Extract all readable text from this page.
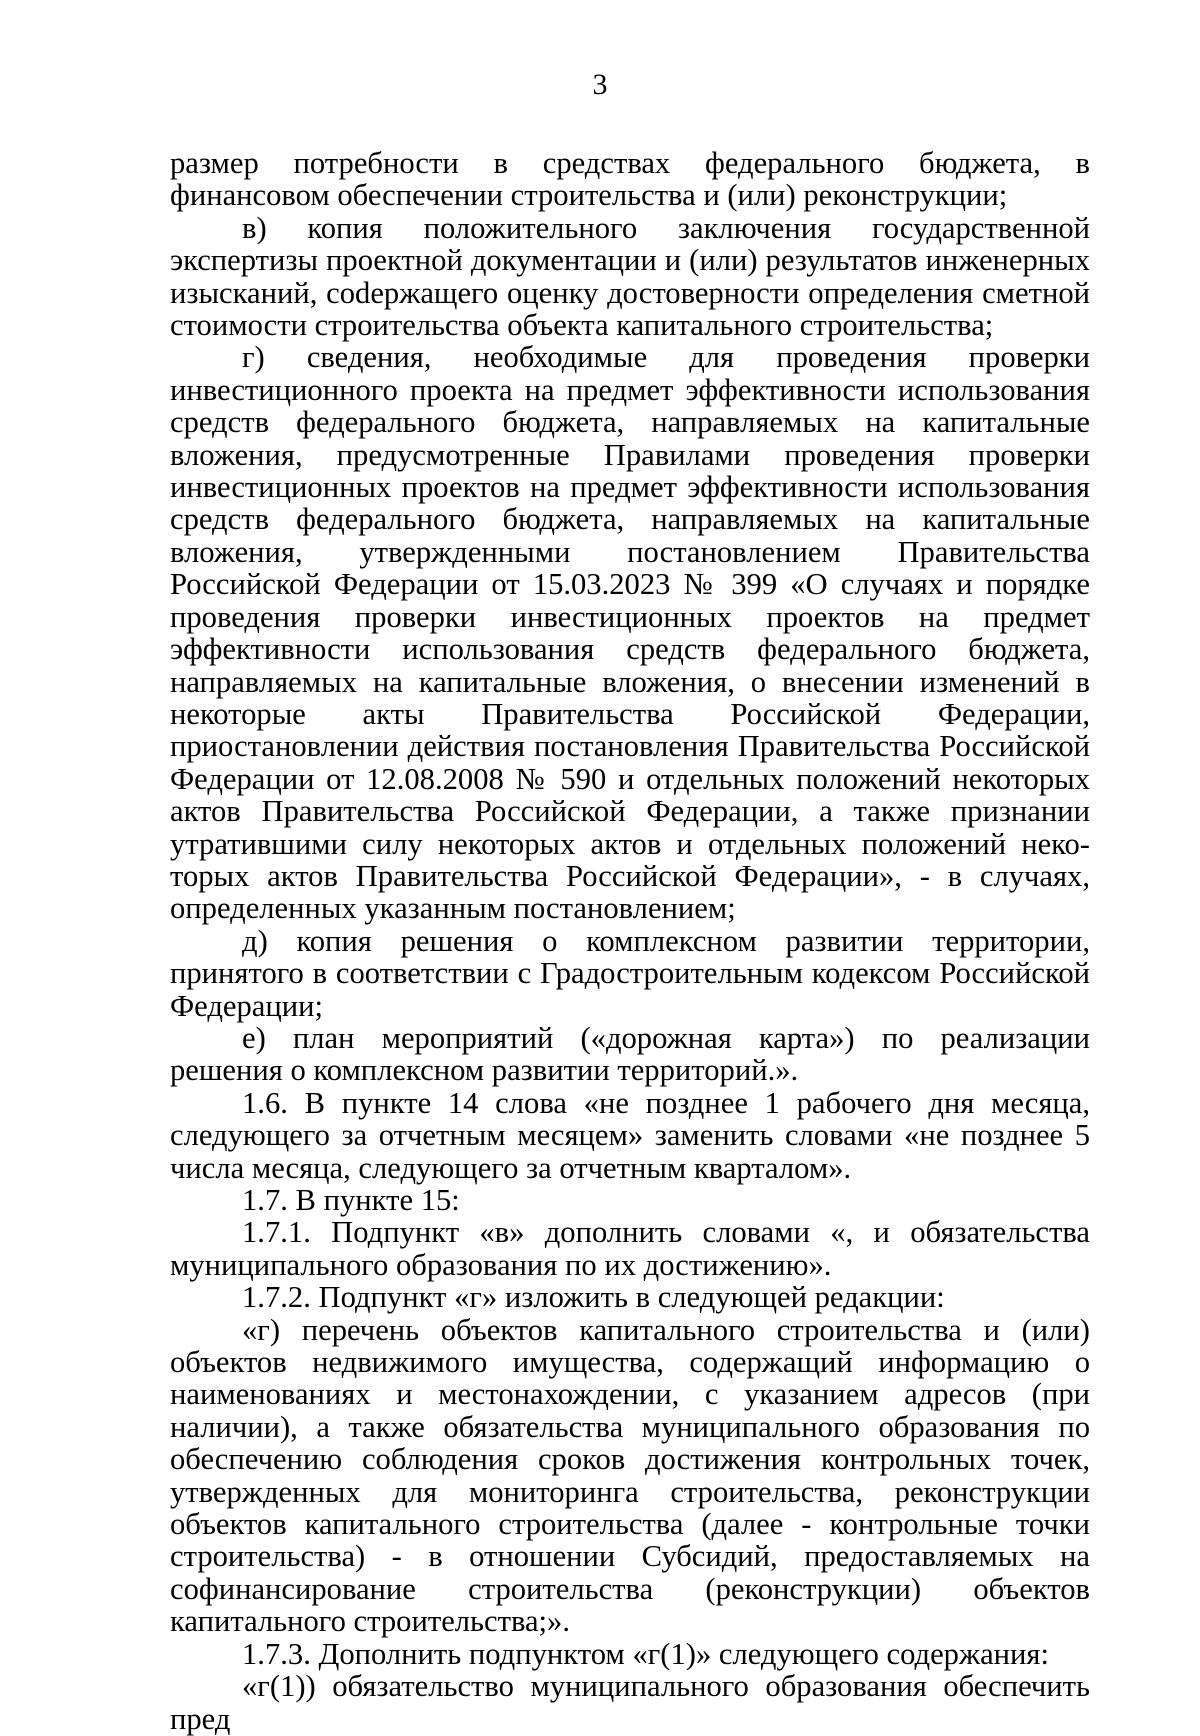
3

размер потребности в средствах федерального бюджета, в финансовом обеспечении строительства и (или) реконструкции;

в) копия положительного заключения государственной экспертизы проектной документации и (или) результатов инженерных изысканий, соdержащего оценку достоверности определения сметной стоимости строительства объекта капитального строительства;

г) сведения, необходимые для проведения проверки инвестиционного проекта на предмет эффективности использования средств федерального бюджета, направляемых на капитальные вложения, предусмотренные Правилами проведения проверки инвестиционных проектов на предмет эффективности использования средств федерального бюджета, направляемых на капитальные вложения, утвержденными постановлением Правительства Российской Федерации от 15.03.2023 № 399 «О случаях и порядке проведения проверки инвестиционных проектов на предмет эффективности использования средств федерального бюджета, направляемых на капитальные вложения, о внесении изменений в некоторые акты Правительства Российской Федерации, приостановлении действия постановления Правительства Российской Федерации от 12.08.2008 № 590 и отдельных положений некоторых актов Правительства Российской Федерации, а также признании утратившими силу некоторых актов и отдельных положений некоторых актов Правительства Российской Федерации», - в случаях, определенных указанным постановлением;

д) копия решения о комплексном развитии территории, принятого в соответствии с Градостроительным кодексом Российской Федерации;

е) план мероприятий («дорожная карта») по реализации решения о комплексном развитии территорий.».

1.6. В пункте 14 слова «не позднее 1 рабочего дня месяца, следующего за отчетным месяцем» заменить словами «не позднее 5 числа месяца, следующего за отчетным кварталом».

1.7. В пункте 15:

1.7.1. Подпункт «в» дополнить словами «, и обязательства муниципального образования по их достижению».

1.7.2. Подпункт «г» изложить в следующей редакции:

«г) перечень объектов капитального строительства и (или) объектов недвижимого имущества, содержащий информацию о наименованиях и местонахождении, с указанием адресов (при наличии), а также обязательства муниципального образования по обеспечению соблюдения сроков достижения контрольных точек, утвержденных для мониторинга строительства, реконструкции объектов капитального строительства (далее - контрольные точки строительства) - в отношении Субсидий, предоставляемых на софинансирование строительства (реконструкции) объектов капитального строительства;».

1.7.3. Дополнить подпунктом «г(1)» следующего содержания:

«г(1)) обязательство муниципального образования обеспечить пред
